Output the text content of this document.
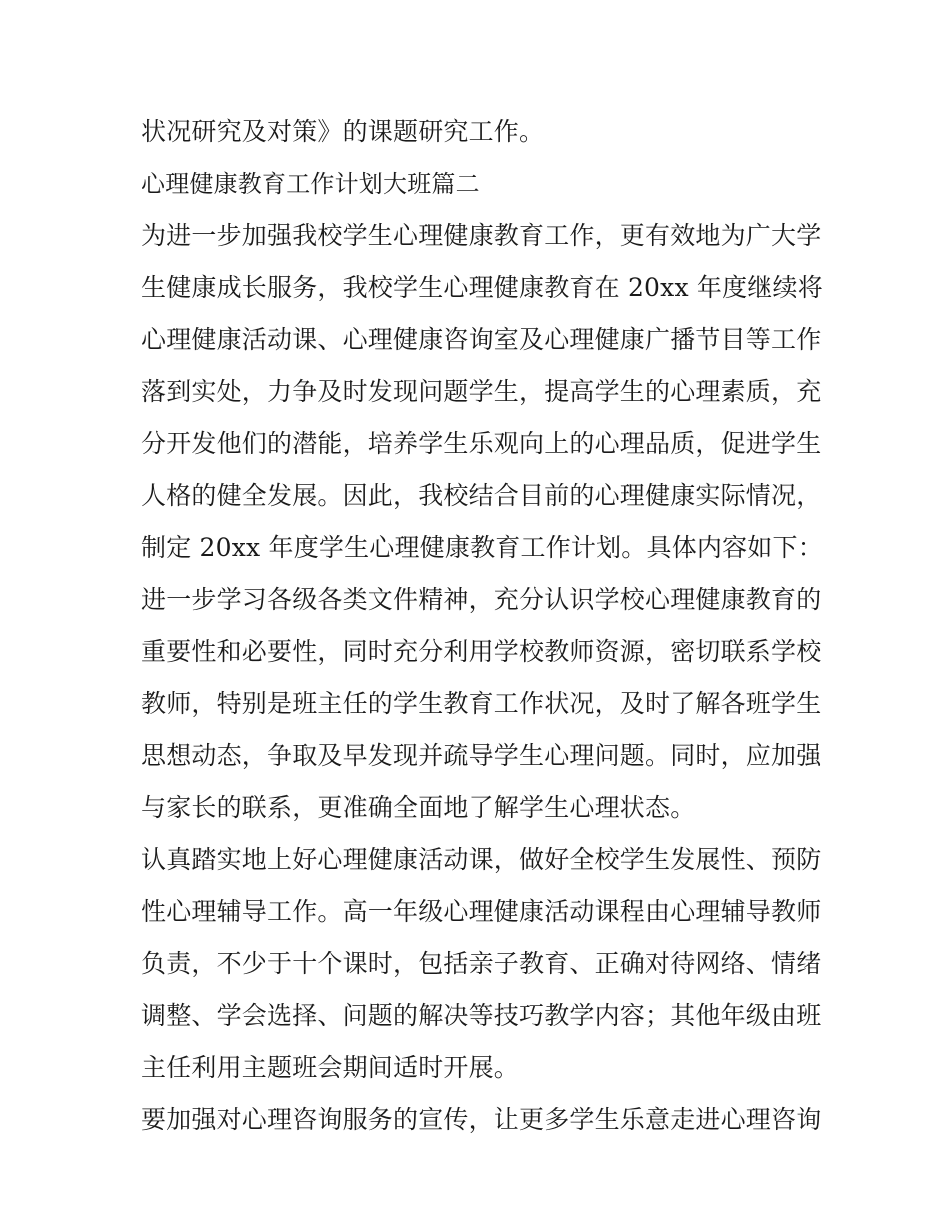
状况研究及对策》的课题研究工作。
心理健康教育工作计划大班篇二
为进一步加强我校学生心理健康教育工作，更有效地为广大学
生健康成长服务，我校学生心理健康教育在 20xx 年度继续将
心理健康活动课、心理健康咨询室及心理健康广播节目等工作
落到实处，力争及时发现问题学生，提高学生的心理素质，充
分开发他们的潜能，培养学生乐观向上的心理品质，促进学生
人格的健全发展。因此，我校结合目前的心理健康实际情况，
制定 20xx 年度学生心理健康教育工作计划。具体内容如下：
进一步学习各级各类文件精神，充分认识学校心理健康教育的
重要性和必要性，同时充分利用学校教师资源，密切联系学校
教师，特别是班主任的学生教育工作状况，及时了解各班学生
思想动态，争取及早发现并疏导学生心理问题。同时，应加强
与家长的联系，更准确全面地了解学生心理状态。
认真踏实地上好心理健康活动课，做好全校学生发展性、预防
性心理辅导工作。高一年级心理健康活动课程由心理辅导教师
负责，不少于十个课时，包括亲子教育、正确对待网络、情绪
调整、学会选择、问题的解决等技巧教学内容；其他年级由班
主任利用主题班会期间适时开展。
要加强对心理咨询服务的宣传，让更多学生乐意走进心理咨询
